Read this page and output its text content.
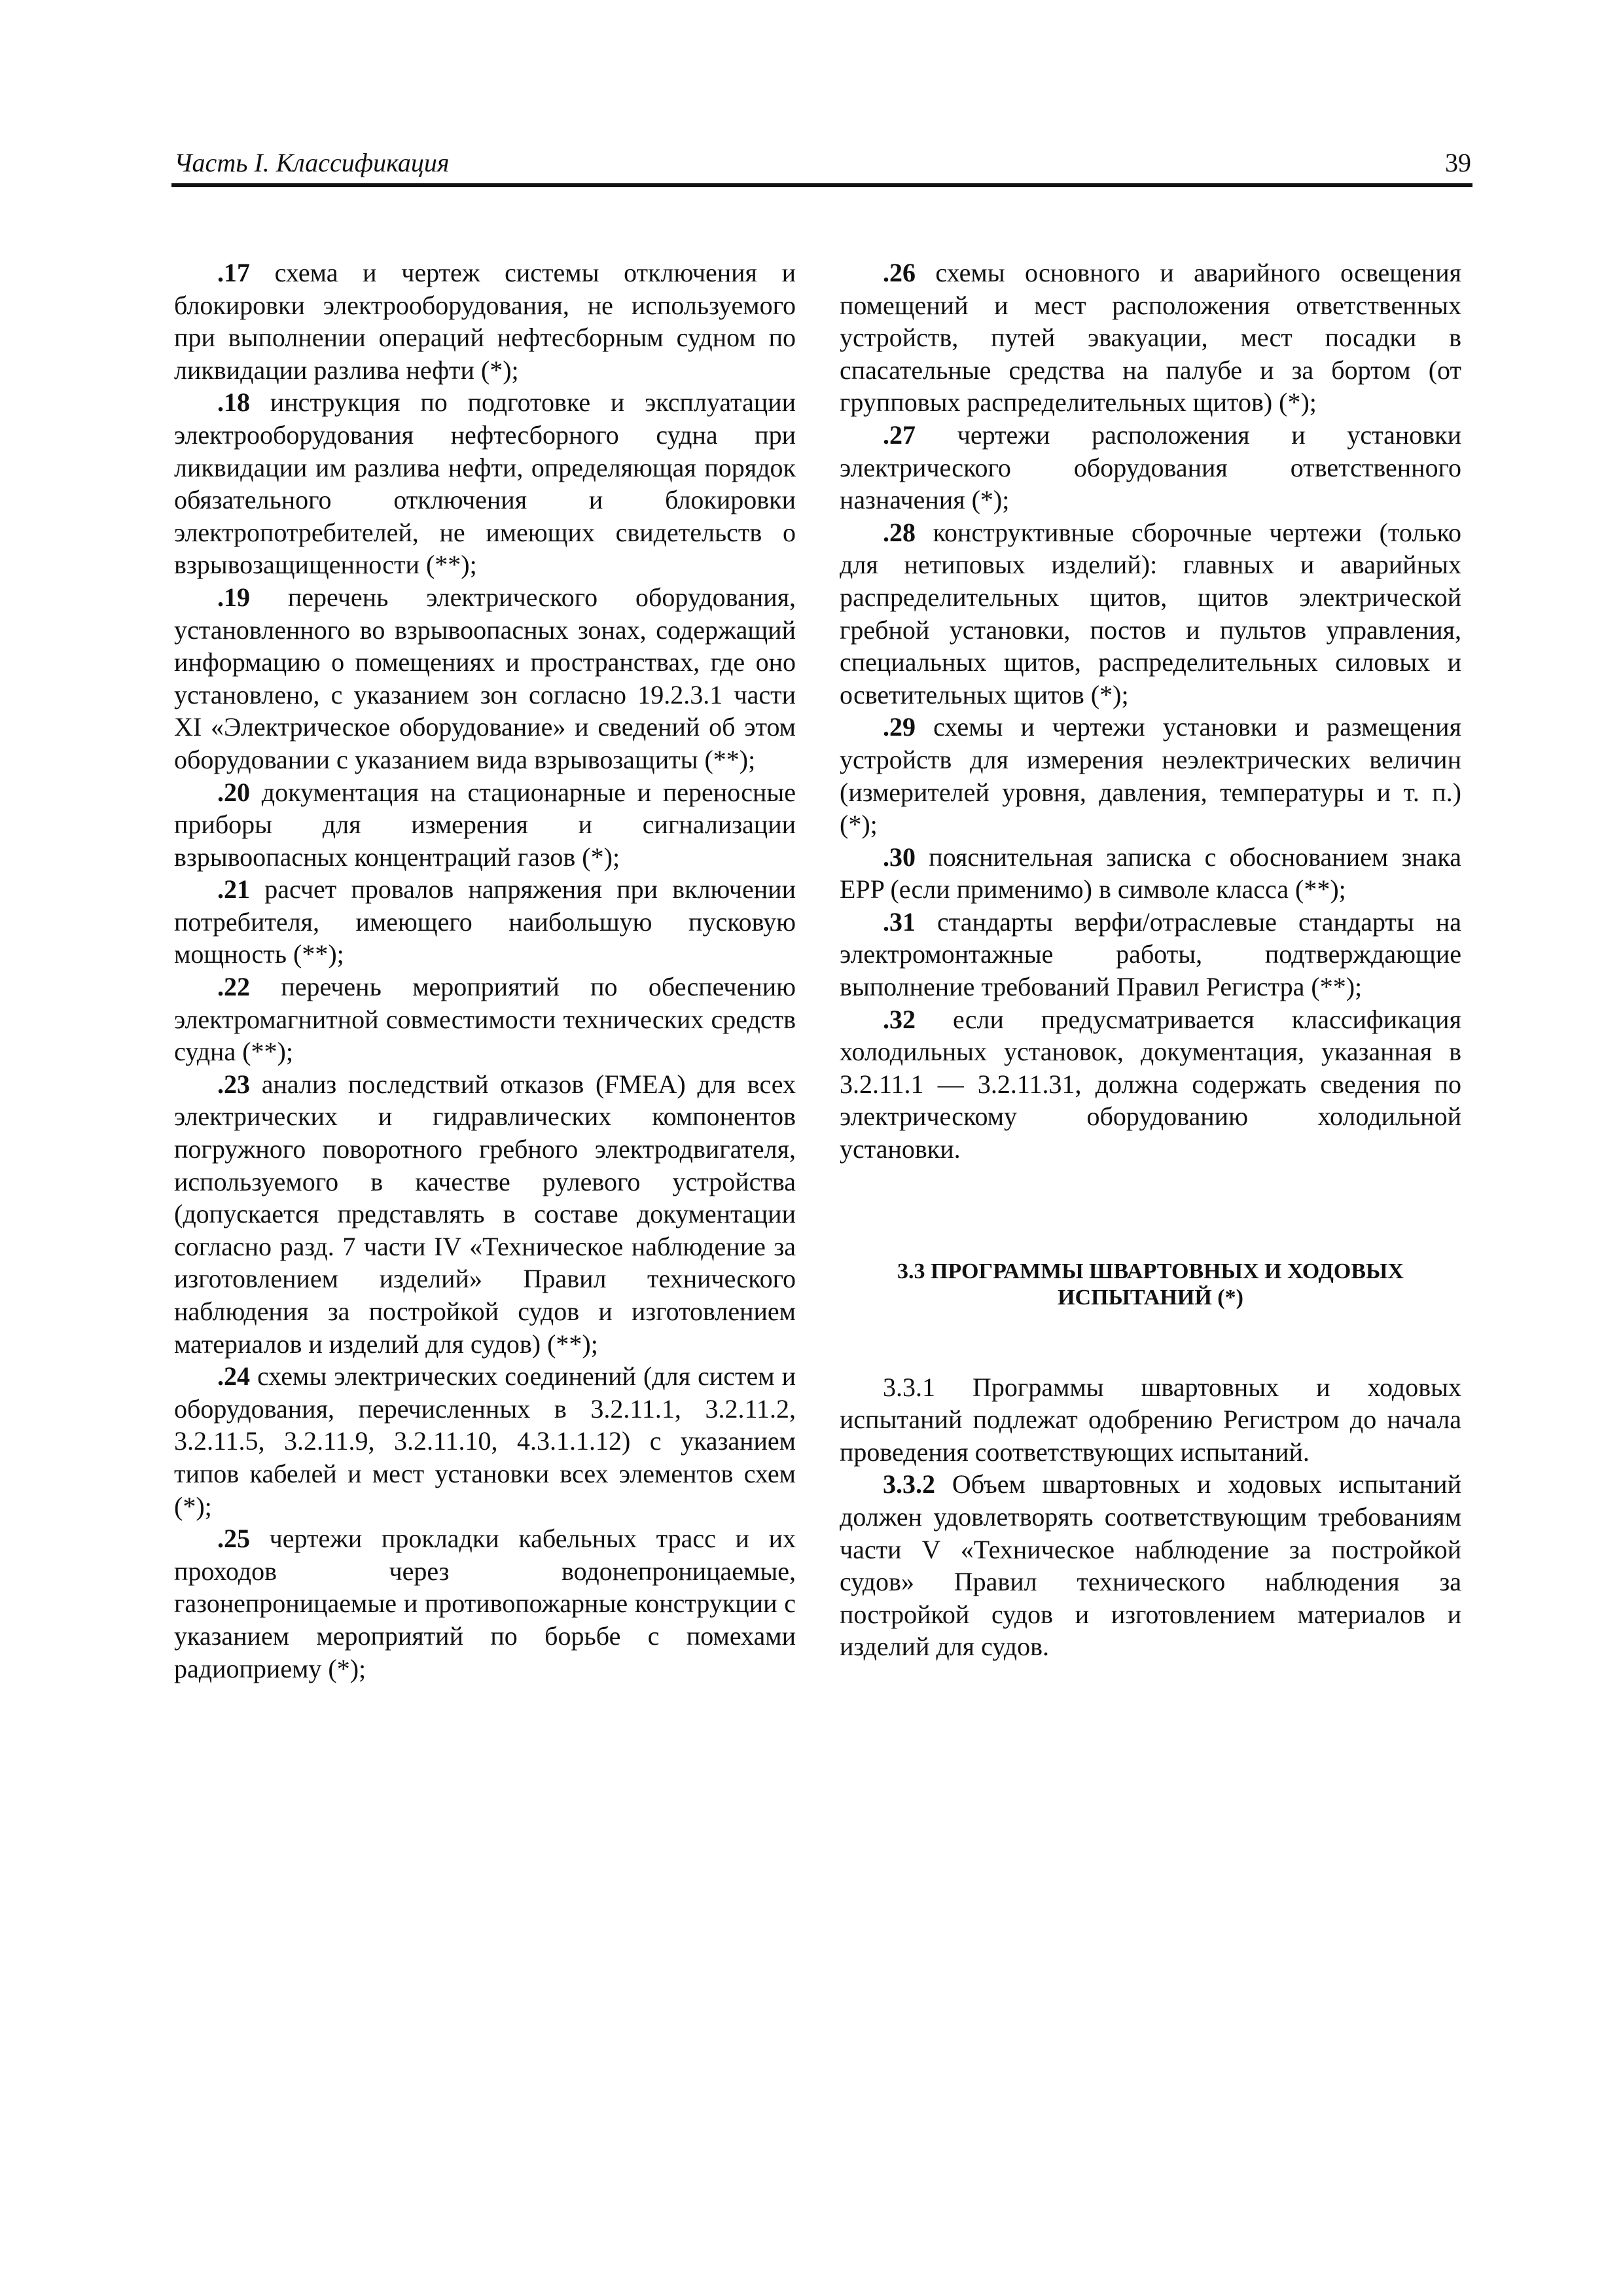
Часть I. Классификация	39

.17 схема и чертеж системы отключения и блокировки электрооборудования, не используемого при выполнении операций нефтесборным судном по ликвидации разлива нефти (*);

.18 инструкция по подготовке и эксплуатации электрооборудования нефтесборного судна при ликвидации им разлива нефти, определяющая порядок обязательного отключения и блокировки электропотребителей, не имеющих свидетельств о взрывозащищенности (**);

.19 перечень электрического оборудования, установленного во взрывоопасных зонах, содержащий информацию о помещениях и пространствах, где оно установлено, с указанием зон согласно 19.2.3.1 части XI «Электрическое оборудование» и сведений об этом оборудовании с указанием вида взрывозащиты (**);

.20 документация на стационарные и переносные приборы для измерения и сигнализации взрывоопасных концентраций газов (*);

.21 расчет провалов напряжения при включении потребителя, имеющего наибольшую пусковую мощность (**);

.22 перечень мероприятий по обеспечению электромагнитной совместимости технических средств судна (**);

.23 анализ последствий отказов (FMEA) для всех электрических и гидравлических компонентов погружного поворотного гребного электродвигателя, используемого в качестве рулевого устройства (допускается представлять в составе документации согласно разд. 7 части IV «Техническое наблюдение за изготовлением изделий» Правил технического наблюдения за постройкой судов и изготовлением материалов и изделий для судов) (**);

.24 схемы электрических соединений (для систем и оборудования, перечисленных в 3.2.11.1, 3.2.11.2, 3.2.11.5, 3.2.11.9, 3.2.11.10, 4.3.1.1.12) с указанием типов кабелей и мест установки всех элементов схем (*);

.25 чертежи прокладки кабельных трасс и их проходов через водонепроницаемые, газонепроницаемые и противопожарные конструкции с указанием мероприятий по борьбе с помехами радиоприему (*);

.26 схемы основного и аварийного освещения помещений и мест расположения ответственных устройств, путей эвакуации, мест посадки в спасательные средства на палубе и за бортом (от групповых распределительных щитов) (*);

.27 чертежи расположения и установки электрического оборудования ответственного назначения (*);

.28 конструктивные сборочные чертежи (только для нетиповых изделий): главных и аварийных распределительных щитов, щитов электрической гребной установки, постов и пультов управления, специальных щитов, распределительных силовых и осветительных щитов (*);

.29 схемы и чертежи установки и размещения устройств для измерения неэлектрических величин (измерителей уровня, давления, температуры и т. п.) (*);

.30 пояснительная записка с обоснованием знака EPP (если применимо) в символе класса (**);

.31 стандарты верфи/отраслевые стандарты на электромонтажные работы, подтверждающие выполнение требований Правил Регистра (**);

.32 если предусматривается классификация холодильных установок, документация, указанная в 3.2.11.1 — 3.2.11.31, должна содержать сведения по электрическому оборудованию холодильной установки.

3.3 ПРОГРАММЫ ШВАРТОВНЫХ И ХОДОВЫХ ИСПЫТАНИЙ (*)

3.3.1 Программы швартовных и ходовых испытаний подлежат одобрению Регистром до начала проведения соответствующих испытаний.

3.3.2 Объем швартовных и ходовых испытаний должен удовлетворять соответствующим требованиям части V «Техническое наблюдение за постройкой судов» Правил технического наблюдения за постройкой судов и изготовлением материалов и изделий для судов.
